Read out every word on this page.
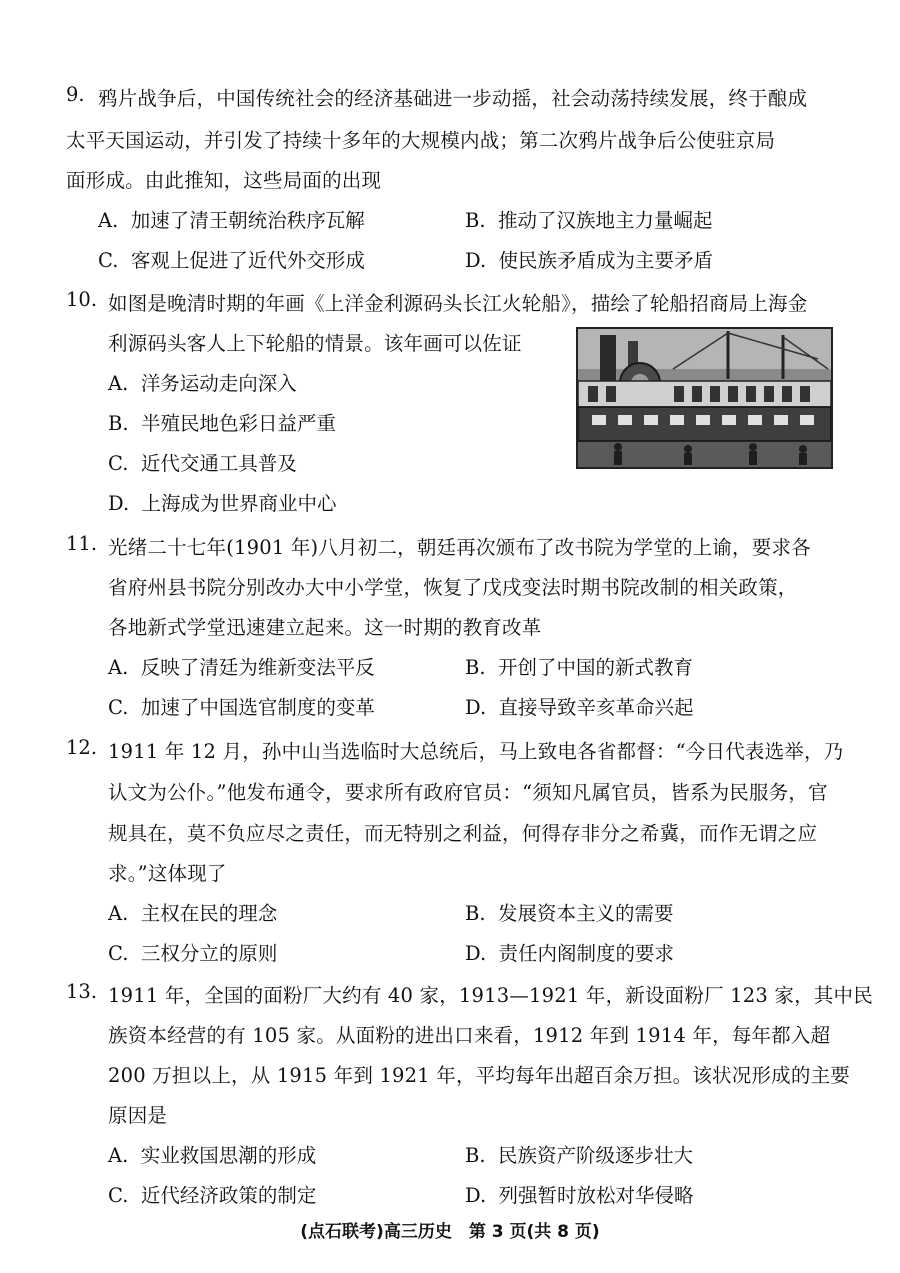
9. 鸦片战争后，中国传统社会的经济基础进一步动摇，社会动荡持续发展，终于酿成
太平天国运动，并引发了持续十多年的大规模内战；第二次鸦片战争后公使驻京局
面形成。由此推知，这些局面的出现
A. 加速了清王朝统治秩序瓦解	B. 推动了汉族地主力量崛起
C. 客观上促进了近代外交形成	D. 使民族矛盾成为主要矛盾
10. 如图是晚清时期的年画《上洋金利源码头长江火轮船》，描绘了轮船招商局上海金
利源码头客人上下轮船的情景。该年画可以佐证
A. 洋务运动走向深入
B. 半殖民地色彩日益严重
C. 近代交通工具普及
D. 上海成为世界商业中心
11. 光绪二十七年(1901 年)八月初二，朝廷再次颁布了改书院为学堂的上谕，要求各
省府州县书院分别改办大中小学堂，恢复了戊戌变法时期书院改制的相关政策，
各地新式学堂迅速建立起来。这一时期的教育改革
A. 反映了清廷为维新变法平反	B. 开创了中国的新式教育
C. 加速了中国选官制度的变革	D. 直接导致辛亥革命兴起
12. 1911 年 12 月，孙中山当选临时大总统后，马上致电各省都督：“今日代表选举，乃
认文为公仆。”他发布通令，要求所有政府官员：“须知凡属官员，皆系为民服务，官
规具在，莫不负应尽之责任，而无特别之利益，何得存非分之希冀，而作无谓之应
求。”这体现了
A. 主权在民的理念	B. 发展资本主义的需要
C. 三权分立的原则	D. 责任内阁制度的要求
13. 1911 年，全国的面粉厂大约有 40 家，1913—1921 年，新设面粉厂 123 家，其中民
族资本经营的有 105 家。从面粉的进出口来看，1912 年到 1914 年，每年都入超
200 万担以上，从 1915 年到 1921 年，平均每年出超百余万担。该状况形成的主要
原因是
A. 实业救国思潮的形成	B. 民族资产阶级逐步壮大
C. 近代经济政策的制定	D. 列强暂时放松对华侵略
(点石联考)高三历史　第 3 页(共 8 页)
